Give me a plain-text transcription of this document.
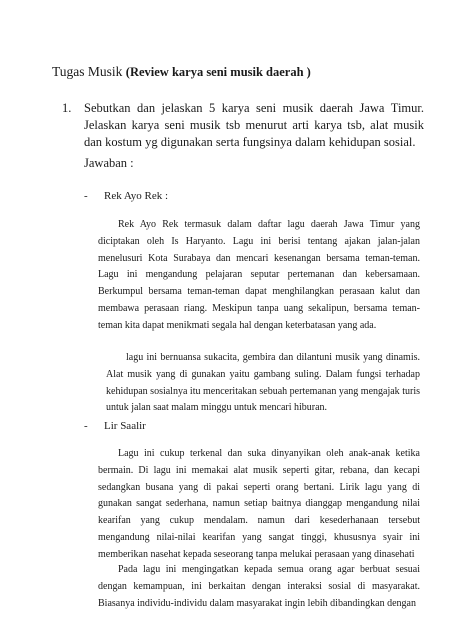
Tugas Musik (Review karya seni musik daerah )
1. Sebutkan dan jelaskan 5 karya seni musik daerah Jawa Timur. Jelaskan karya seni musik tsb menurut arti karya tsb, alat musik dan kostum yg digunakan serta fungsinya dalam kehidupan sosial.
Jawaban :
- Rek Ayo Rek :
Rek Ayo Rek termasuk dalam daftar lagu daerah Jawa Timur yang diciptakan oleh Is Haryanto. Lagu ini berisi tentang ajakan jalan-jalan menelusuri Kota Surabaya dan mencari kesenangan bersama teman-teman. Lagu ini mengandung pelajaran seputar pertemanan dan kebersamaan. Berkumpul bersama teman-teman dapat menghilangkan perasaan kalut dan membawa perasaan riang. Meskipun tanpa uang sekalipun, bersama teman-teman kita dapat menikmati segala hal dengan keterbatasan yang ada.
lagu ini bernuansa sukacita, gembira dan dilantuni musik yang dinamis. Alat musik yang di gunakan yaitu gambang suling. Dalam fungsi terhadap kehidupan sosialnya itu menceritakan sebuah pertemanan yang mengajak turis untuk jalan saat malam minggu untuk mencari hiburan.
- Lir Saalir
Lagu ini cukup terkenal dan suka dinyanyikan oleh anak-anak ketika bermain. Di lagu ini memakai alat musik seperti gitar, rebana, dan kecapi sedangkan busana yang di pakai seperti orang bertani. Lirik lagu yang di gunakan sangat sederhana, namun setiap baitnya dianggap mengandung nilai kearifan yang cukup mendalam. namun dari kesederhanaan tersebut mengandung nilai-nilai kearifan yang sangat tinggi, khususnya syair ini memberikan nasehat kepada seseorang tanpa melukai perasaan yang dinasehati
Pada lagu ini mengingatkan kepada semua orang agar berbuat sesuai dengan kemampuan, ini berkaitan dengan interaksi sosial di masyarakat. Biasanya individu-individu dalam masyarakat ingin lebih dibandingkan dengan
